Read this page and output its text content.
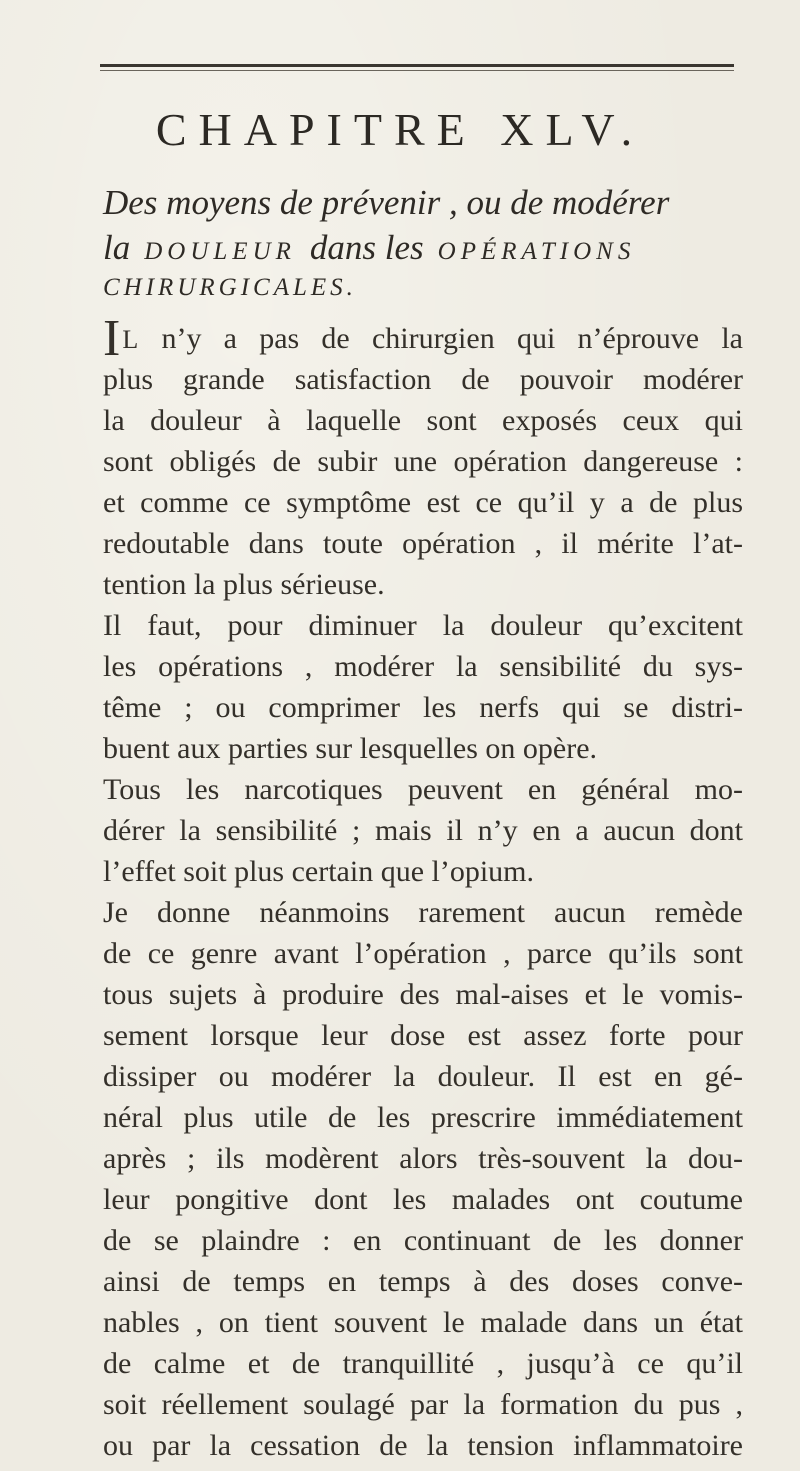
CHAPITRE XLV.
Des moyens de prévenir , ou de modérer
la DOULEUR dans les OPÉRATIONS
CHIRURGICALES.
IL n’y a pas de chirurgien qui n’éprouve la
plus grande satisfaction de pouvoir modérer
la douleur à laquelle sont exposés ceux qui
sont obligés de subir une opération dangereuse :
et comme ce symptôme est ce qu’il y a de plus
redoutable dans toute opération , il mérite l’at-
tention la plus sérieuse.
Il faut, pour diminuer la douleur qu’excitent
les opérations , modérer la sensibilité du sys-
tême ; ou comprimer les nerfs qui se distri-
buent aux parties sur lesquelles on opère.
Tous les narcotiques peuvent en général mo-
dérer la sensibilité ; mais il n’y en a aucun dont
l’effet soit plus certain que l’opium.
Je donne néanmoins rarement aucun remède
de ce genre avant l’opération , parce qu’ils sont
tous sujets à produire des mal-aises et le vomis-
sement lorsque leur dose est assez forte pour
dissiper ou modérer la douleur. Il est en gé-
néral plus utile de les prescrire immédiatement
après ; ils modèrent alors très-souvent la dou-
leur pongitive dont les malades ont coutume
de se plaindre : en continuant de les donner
ainsi de temps en temps à des doses conve-
nables , on tient souvent le malade dans un état
de calme et de tranquillité , jusqu’à ce qu’il
soit réellement soulagé par la formation du pus ,
ou par la cessation de la tension inflammatoire
